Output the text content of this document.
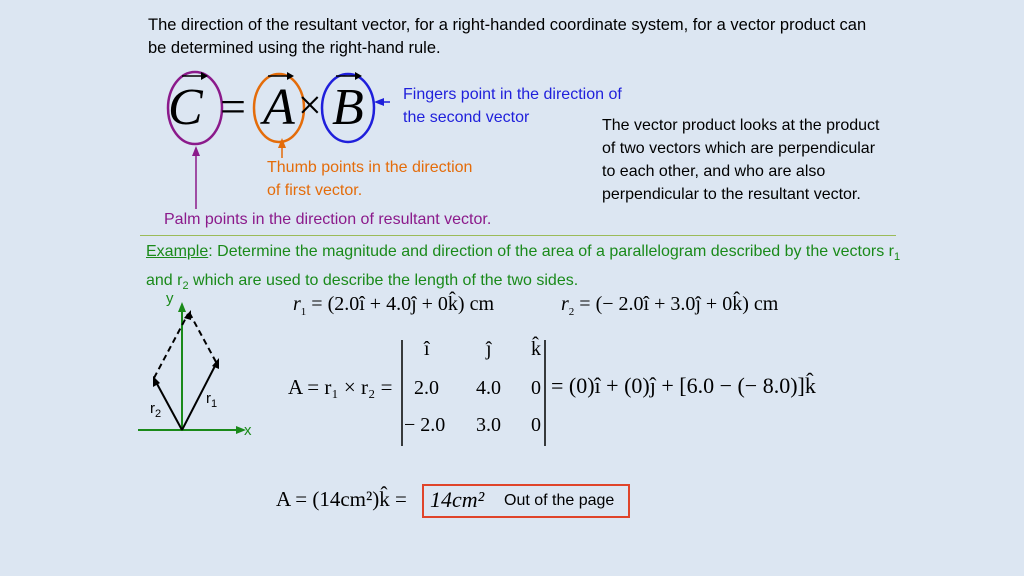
The direction of the resultant vector, for a right-handed coordinate system, for a vector product can be determined using the right-hand rule.
C = A × B Fingers point in the direction of the second vector
Thumb points in the direction of first vector.
Palm points in the direction of resultant vector.
The vector product looks at the product of two vectors which are perpendicular to each other, and who are also perpendicular to the resultant vector.
Example: Determine the magnitude and direction of the area of a parallelogram described by the vectors $r_1$ and $r_2$ which are used to describe the length of the two sides.
y
x
$r_1$
$r_2$
$r_1$ = (2.0î + 4.0ĵ + 0k̂) cm	$r_2$ = (− 2.0î + 3.0ĵ + 0k̂) cm
A = r₁ × r₂ =
î	ĵ k̂
2.0 4.0 0
− 2.0 3.0 0
= (0)î + (0)ĵ + [6.0 − (− 8.0)]k̂
A = (14cm²)k̂ = 14cm² Out of the page
